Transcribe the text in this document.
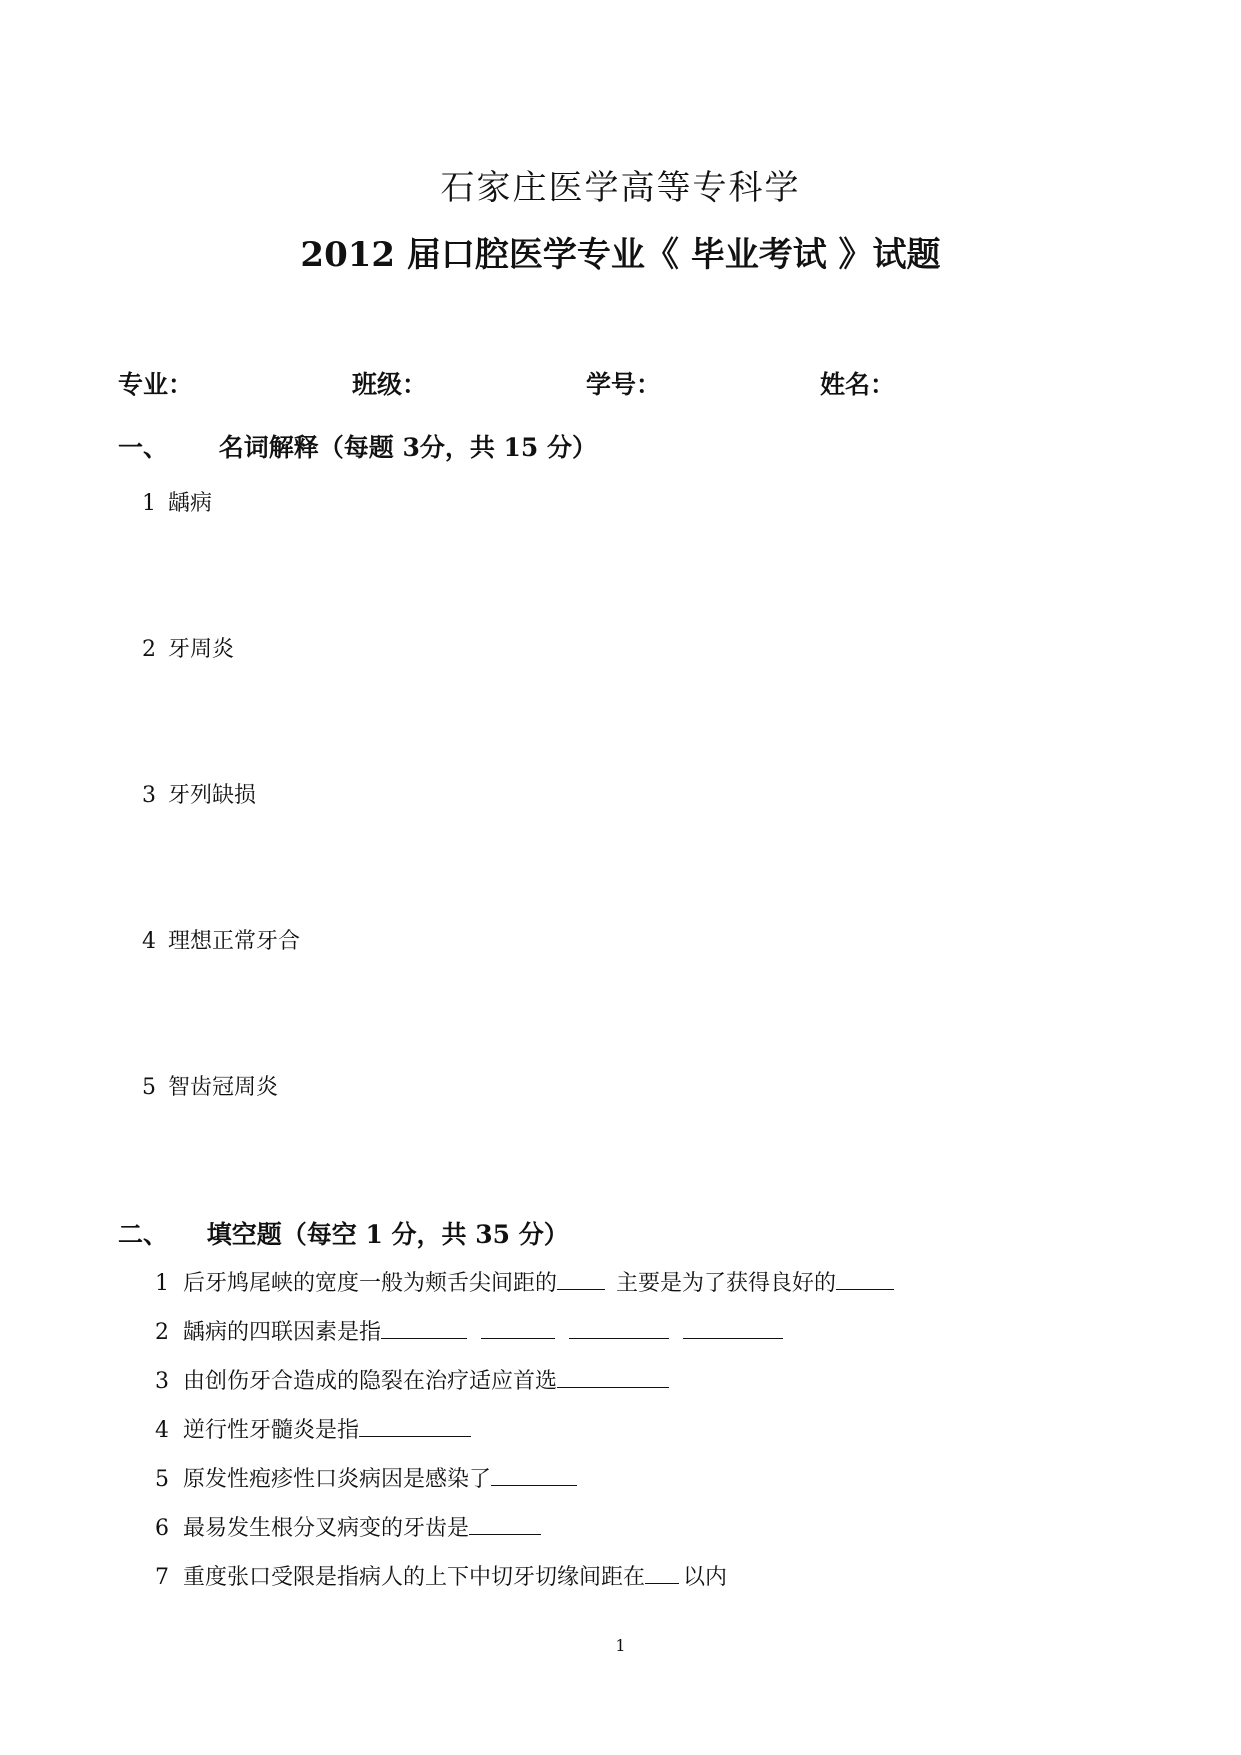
石家庄医学高等专科学
2012 届口腔医学专业《 毕业考试 》试题
专业：	班级：	学号：	姓名：
一、 名词解释（每题 3分，共 15 分）
1 龋病
2 牙周炎
3 牙列缺损
4 理想正常牙合
5 智齿冠周炎
二、 填空题（每空 1 分，共 35 分）
1 后牙鸠尾峡的宽度一般为颊舌尖间距的 主要是为了获得良好的
2 龋病的四联因素是指
3 由创伤牙合造成的隐裂在治疗适应首选
4 逆行性牙髓炎是指
5 原发性疱疹性口炎病因是感染了
6 最易发生根分叉病变的牙齿是
7 重度张口受限是指病人的上下中切牙切缘间距在 以内
1
